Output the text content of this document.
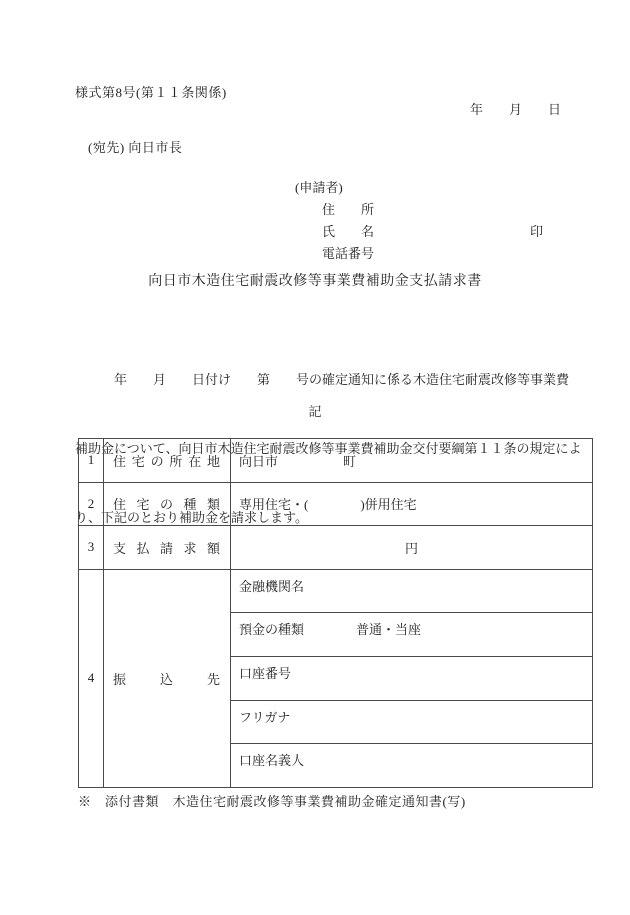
様式第8号(第１１条関係)
年　　月　　日
(宛先) 向日市長
(申請者)
住　　所
氏　　名	印
電話番号
向日市木造住宅耐震改修等事業費補助金支払請求書

　　　年　　月　　日付け　　第　　号の確定通知に係る木造住宅耐震改修等事業費

補助金について、向日市木造住宅耐震改修等事業費補助金交付要綱第１１条の規定によ

り、下記のとおり補助金を請求します。

記
1	住宅の所在地	向日市　　　　　町
2	住宅の種類	専用住宅・(　　　　)併用住宅
3	支払請求額	円
4	振込先	金融機関名
		預金の種類　　　　普通・当座
		口座番号
		フリガナ
		口座名義人
※　添付書類　木造住宅耐震改修等事業費補助金確定通知書(写)
